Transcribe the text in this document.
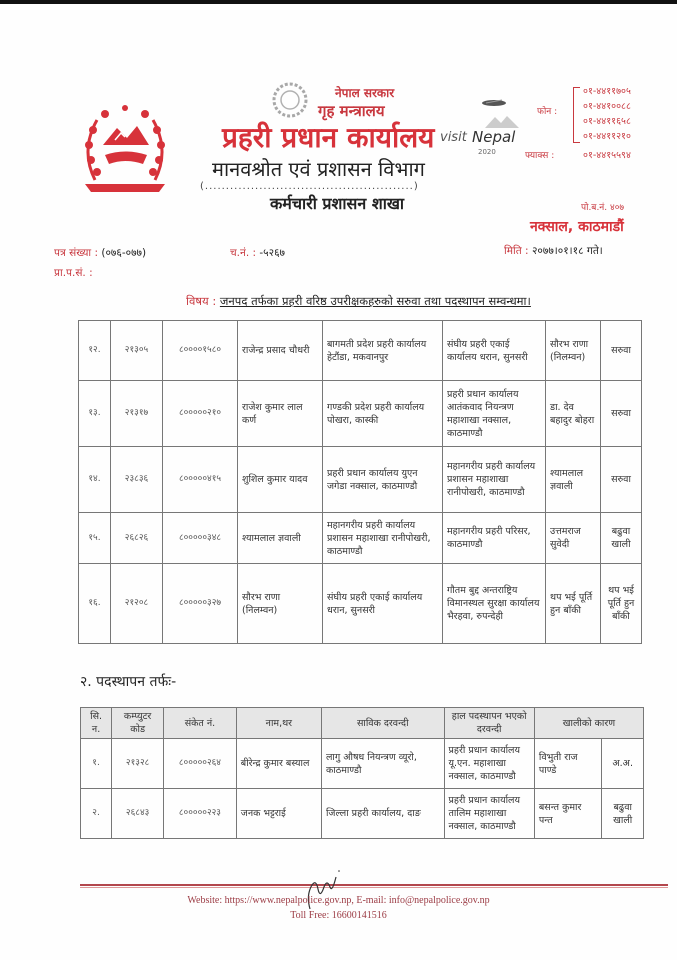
नेपाल सरकार
गृह मन्त्रालय
प्रहरी प्रधान कार्यालय
मानवश्रोत एवं प्रशासन विभाग
(..................................................)
कर्मचारी प्रशासन शाखा
visit Nepal
2020
फोन :
०१-४४११७०५
०१-४४१००८८
०१-४४११६५८
०१-४४११२१०
फ्याक्स :	०१-४४१५५९४
पो.ब.नं. ४०७
नक्साल, काठमाडौं
पत्र संख्या : (०७६-०७७)	च.नं. : -५२६७	मिति : २०७७।०१।१८ गते।
प्रा.प.सं. :
विषय : जनपद तर्फका प्रहरी वरिष्ठ उपरीक्षकहरुको सरुवा तथा पदस्थापन सम्वन्धमा।
१२.	२१३०५	८००००१५८०	राजेन्द्र प्रसाद चौधरी	बागमती प्रदेश प्रहरी कार्यालय हेटौंडा, मकवानपुर	संघीय प्रहरी एकाई कार्यालय धरान, सुनसरी	सौरभ राणा (निलम्वन)	सरुवा
१३.	२१३१७	८०००००२१०	राजेश कुमार लाल कर्ण	गण्डकी प्रदेश प्रहरी कार्यालय पोखरा, कास्की	प्रहरी प्रधान कार्यालय आतंकवाद नियन्त्रण महाशाखा नक्साल, काठमाण्डौ	डा. देव बहादुर बोहरा	सरुवा
१४.	२३८३६	८०००००४१५	शुशिल कुमार यादव	प्रहरी प्रधान कार्यालय युएन जगेडा नक्साल, काठमाण्डौ	महानगरीय प्रहरी कार्यालय प्रशासन महाशाखा रानीपोखरी, काठमाण्डौ	श्यामलाल ज्ञवाली	सरुवा
१५.	२६८२६	८०००००३४८	श्यामलाल ज्ञवाली	महानगरीय प्रहरी कार्यालय प्रशासन महाशाखा रानीपोखरी, काठमाण्डौ	महानगरीय प्रहरी परिसर, काठमाण्डौ	उत्तमराज सुवेदी	बढुवा खाली
१६.	२१२०८	८०००००३२७	सौरभ राणा (निलम्वन)	संघीय प्रहरी एकाई कार्यालय धरान, सुनसरी	गौतम बुद्द अन्तराष्ट्रिय विमानस्थल सुरक्षा कार्यालय भैरहवा, रुपन्देही	थप भई पूर्ति हुन बाँकी	थप भई पूर्ति हुन बाँकी
२. पदस्थापन तर्फः-
सि. न.	कम्प्युटर कोड	संकेत नं.	नाम,थर	साविक दरवन्दी	हाल पदस्थापन भएको दरवन्दी	खालीको कारण	
१.	२१३२८	८०००००२६४	बीरेन्द्र कुमार बस्याल	लागु औषध नियन्त्रण व्यूरो, काठमाण्डौ	प्रहरी प्रधान कार्यालय यू.एन. महाशाखा नक्साल, काठमाण्डौ	विभुती राज पाण्डे	अ.अ.
२.	२६८४३	८०००००२२३	जनक भट्टराई	जिल्ला प्रहरी कार्यालय, दाङ	प्रहरी प्रधान कार्यालय तालिम महाशाखा नक्साल, काठमाण्डौ	बसन्त कुमार पन्त	बढुवा खाली
Website: https://www.nepalpolice.gov.np, E-mail: info@nepalpolice.gov.np
Toll Free: 16600141516
